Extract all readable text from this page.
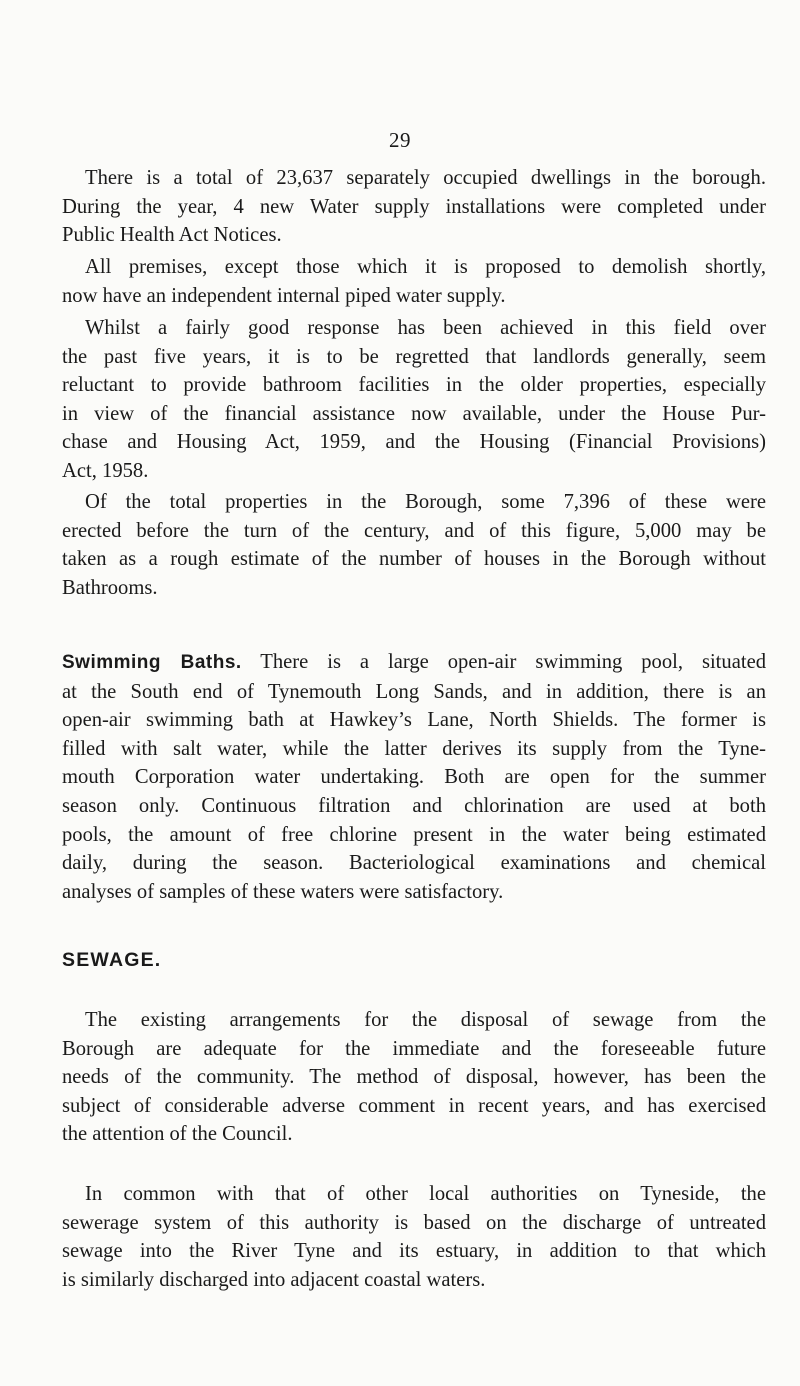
29
There is a total of 23,637 separately occupied dwellings in the borough.
During the year, 4 new Water supply installations were completed under
Public Health Act Notices.
All premises, except those which it is proposed to demolish shortly,
now have an independent internal piped water supply.
Whilst a fairly good response has been achieved in this field over
the past five years, it is to be regretted that landlords generally, seem
reluctant to provide bathroom facilities in the older properties, especially
in view of the financial assistance now available, under the House Pur-
chase and Housing Act, 1959, and the Housing (Financial Provisions)
Act, 1958.
Of the total properties in the Borough, some 7,396 of these were
erected before the turn of the century, and of this figure, 5,000 may be
taken as a rough estimate of the number of houses in the Borough without
Bathrooms.
Swimming Baths. There is a large open-air swimming pool, situated
at the South end of Tynemouth Long Sands, and in addition, there is an
open-air swimming bath at Hawkey’s Lane, North Shields. The former is
filled with salt water, while the latter derives its supply from the Tyne-
mouth Corporation water undertaking. Both are open for the summer
season only. Continuous filtration and chlorination are used at both
pools, the amount of free chlorine present in the water being estimated
daily, during the season. Bacteriological examinations and chemical
analyses of samples of these waters were satisfactory.
SEWAGE.
The existing arrangements for the disposal of sewage from the
Borough are adequate for the immediate and the foreseeable future
needs of the community. The method of disposal, however, has been the
subject of considerable adverse comment in recent years, and has exercised
the attention of the Council.
In common with that of other local authorities on Tyneside, the
sewerage system of this authority is based on the discharge of untreated
sewage into the River Tyne and its estuary, in addition to that which
is similarly discharged into adjacent coastal waters.
